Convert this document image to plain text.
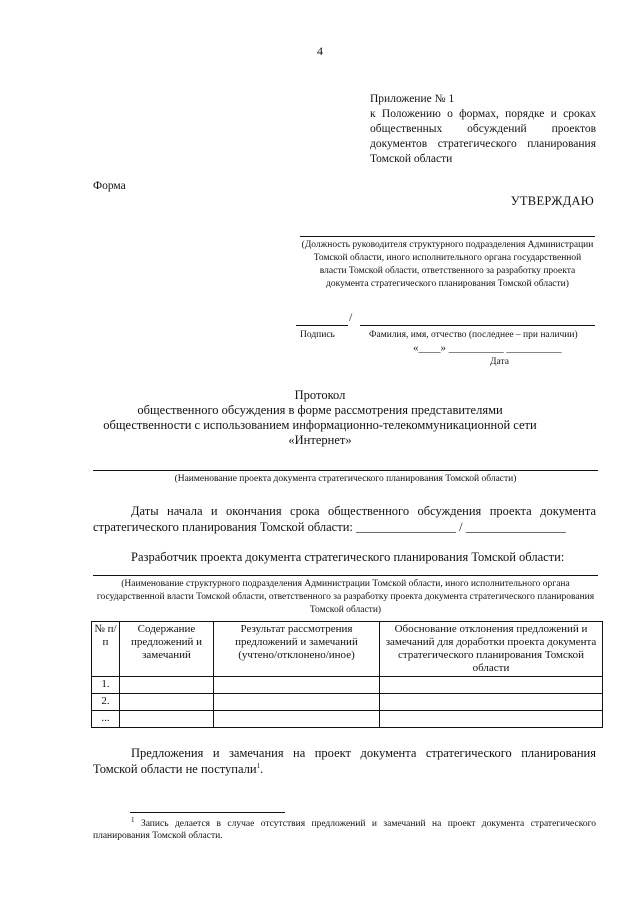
4
Приложение № 1
к Положению о формах, порядке и сроках общественных обсуждений проектов документов стратегического планирования Томской области
Форма
УТВЕРЖДАЮ
(Должность руководителя структурного подразделения Администрации Томской области, иного исполнительного органа государственной власти Томской области, ответственного за разработку проекта документа стратегического планирования Томской области)
/
Подпись	Фамилия, имя, отчество (последнее – при наличии)
«____» __________ __________
Дата
Протокол
общественного обсуждения в форме рассмотрения представителями общественности с использованием информационно-телекоммуникационной сети «Интернет»
(Наименование проекта документа стратегического планирования Томской области)
Даты начала и окончания срока общественного обсуждения проекта документа стратегического планирования Томской области: ________________ / ________________
Разработчик проекта документа стратегического планирования Томской области:
(Наименование структурного подразделения Администрации Томской области, иного исполнительного органа государственной власти Томской области, ответственного за разработку проекта документа стратегического планирования Томской области)
№ п/п	Содержание предложений и замечаний	Результат рассмотрения предложений и замечаний (учтено/отклонено/иное)	Обоснование отклонения предложений и замечаний для доработки проекта документа стратегического планирования Томской области
1.			
2.			
...			
Предложения и замечания на проект документа стратегического планирования Томской области не поступали$^1$.
$^1$ Запись делается в случае отсутствия предложений и замечаний на проект документа стратегического планирования Томской области.
